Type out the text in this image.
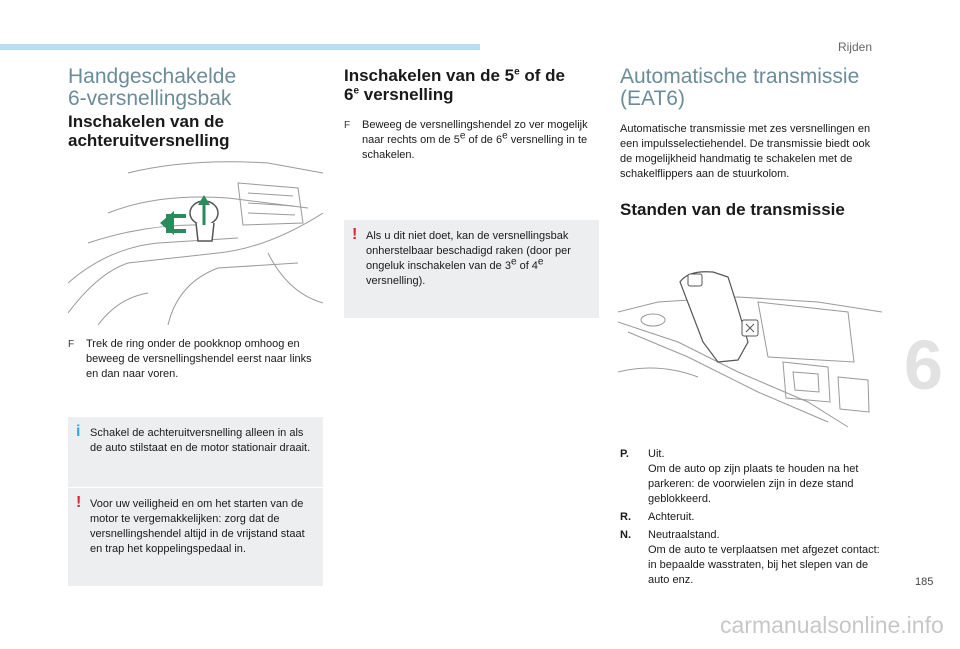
Rijden
Handgeschakelde
6-versnellingsbak
Inschakelen van de
achteruitversnelling
F Trek de ring onder de pookknop omhoog en beweeg de versnellingshendel eerst naar links en dan naar voren.
i Schakel de achteruitversnelling alleen in als de auto stilstaat en de motor stationair draait.
! Voor uw veiligheid en om het starten van de motor te vergemakkelijken: zorg dat de versnellingshendel altijd in de vrijstand staat en trap het koppelingspedaal in.
Inschakelen van de 5e of de
6e versnelling
F Beweeg de versnellingshendel zo ver mogelijk naar rechts om de 5e of de 6e versnelling in te schakelen.
! Als u dit niet doet, kan de versnellingsbak onherstelbaar beschadigd raken (door per ongeluk inschakelen van de 3e of 4e versnelling).
Automatische transmissie
(EAT6)
Automatische transmissie met zes versnellingen en een impulsselectiehendel. De transmissie biedt ook de mogelijkheid handmatig te schakelen met de schakelflippers aan de stuurkolom.
Standen van de transmissie
P.	Uit.
Om de auto op zijn plaats te houden na het parkeren: de voorwielen zijn in deze stand geblokkeerd.
R.	Achteruit.
N.	Neutraalstand.
Om de auto te verplaatsen met afgezet contact: in bepaalde wasstraten, bij het slepen van de auto enz.
6
185
carmanualsonline.info
